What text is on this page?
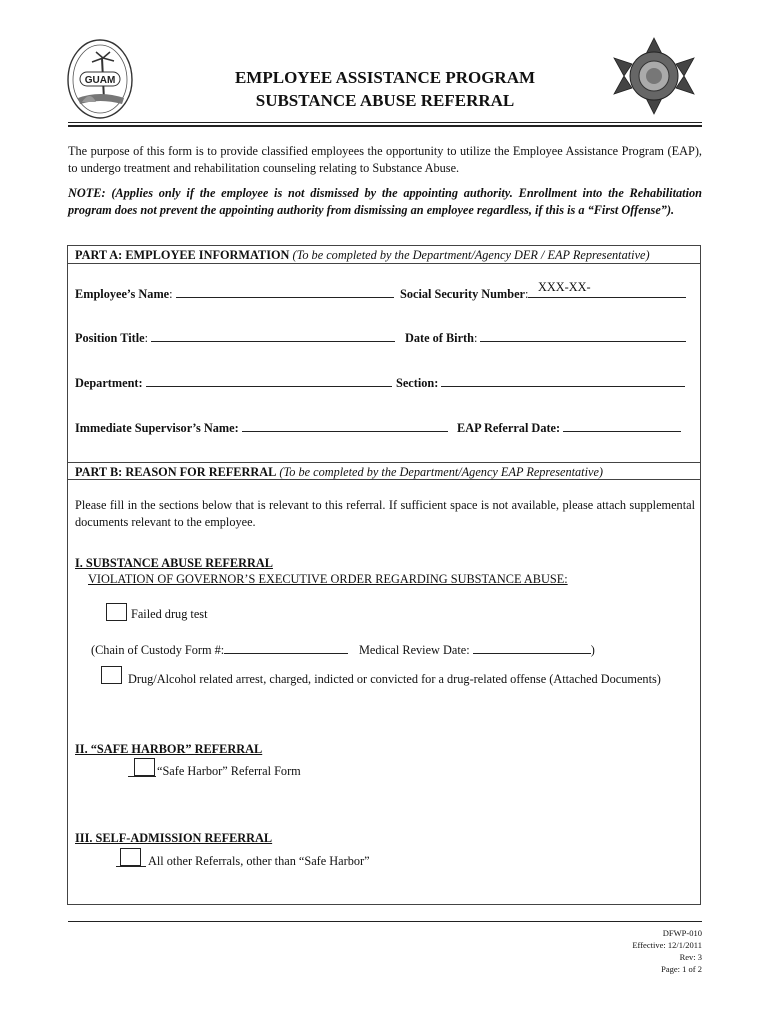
GUAM	EMPLOYEE ASSISTANCE PROGRAM
SUBSTANCE ABUSE REFERRAL
The purpose of this form is to provide classified employees the opportunity to utilize the Employee Assistance Program (EAP), to undergo treatment and rehabilitation counseling relating to Substance Abuse.
NOTE: (Applies only if the employee is not dismissed by the appointing authority. Enrollment into the Rehabilitation program does not prevent the appointing authority from dismissing an employee regardless, if this is a “First Offense”).
PART A: EMPLOYEE INFORMATION (To be completed by the Department/Agency DER / EAP Representative)
Employee’s Name:	Social Security Number: XXX-XX-
Position Title:	Date of Birth:
Department:	Section:
Immediate Supervisor’s Name:	EAP Referral Date:
PART B: REASON FOR REFERRAL (To be completed by the Department/Agency EAP Representative)
Please fill in the sections below that is relevant to this referral. If sufficient space is not available, please attach supplemental documents relevant to the employee.
I. SUBSTANCE ABUSE REFERRAL
VIOLATION OF GOVERNOR’S EXECUTIVE ORDER REGARDING SUBSTANCE ABUSE:
Failed drug test
(Chain of Custody Form #:	Medical Review Date:	)
Drug/Alcohol related arrest, charged, indicted or convicted for a drug-related offense (Attached Documents)
II. “SAFE HARBOR” REFERRAL
“Safe Harbor” Referral Form
III. SELF-ADMISSION REFERRAL
All other Referrals, other than “Safe Harbor”
DFWP-010
Effective: 12/1/2011
Rev: 3
Page: 1 of 2
